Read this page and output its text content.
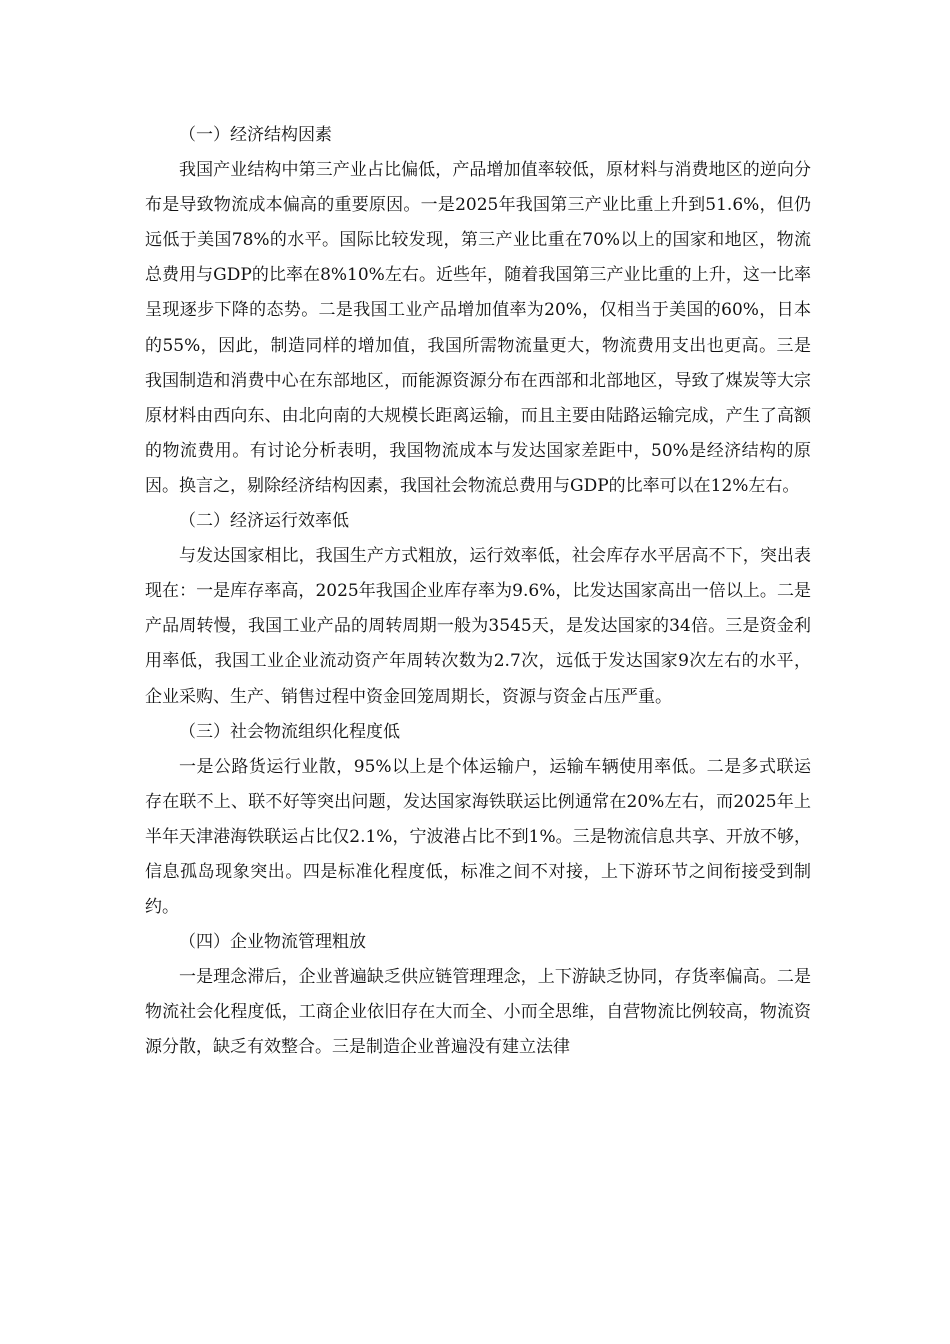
（一）经济结构因素

我国产业结构中第三产业占比偏低，产品增加值率较低，原材料与消费地区的逆向分布是导致物流成本偏高的重要原因。一是2025年我国第三产业比重上升到51.6%，但仍远低于美国78%的水平。国际比较发现，第三产业比重在70%以上的国家和地区，物流总费用与GDP的比率在8%10%左右。近些年，随着我国第三产业比重的上升，这一比率呈现逐步下降的态势。二是我国工业产品增加值率为20%，仅相当于美国的60%，日本的55%，因此，制造同样的增加值，我国所需物流量更大，物流费用支出也更高。三是我国制造和消费中心在东部地区，而能源资源分布在西部和北部地区，导致了煤炭等大宗原材料由西向东、由北向南的大规模长距离运输，而且主要由陆路运输完成，产生了高额的物流费用。有讨论分析表明，我国物流成本与发达国家差距中，50%是经济结构的原因。换言之，剔除经济结构因素，我国社会物流总费用与GDP的比率可以在12%左右。

（二）经济运行效率低

与发达国家相比，我国生产方式粗放，运行效率低，社会库存水平居高不下，突出表现在：一是库存率高，2025年我国企业库存率为9.6%，比发达国家高出一倍以上。二是产品周转慢，我国工业产品的周转周期一般为3545天，是发达国家的34倍。三是资金利用率低，我国工业企业流动资产年周转次数为2.7次，远低于发达国家9次左右的水平，企业采购、生产、销售过程中资金回笼周期长，资源与资金占压严重。

（三）社会物流组织化程度低

一是公路货运行业散，95%以上是个体运输户，运输车辆使用率低。二是多式联运存在联不上、联不好等突出问题，发达国家海铁联运比例通常在20%左右，而2025年上半年天津港海铁联运占比仅2.1%，宁波港占比不到1%。三是物流信息共享、开放不够，信息孤岛现象突出。四是标准化程度低，标准之间不对接，上下游环节之间衔接受到制约。

（四）企业物流管理粗放

一是理念滞后，企业普遍缺乏供应链管理理念，上下游缺乏协同，存货率偏高。二是物流社会化程度低，工商企业依旧存在大而全、小而全思维，自营物流比例较高，物流资源分散，缺乏有效整合。三是制造企业普遍没有建立法律
